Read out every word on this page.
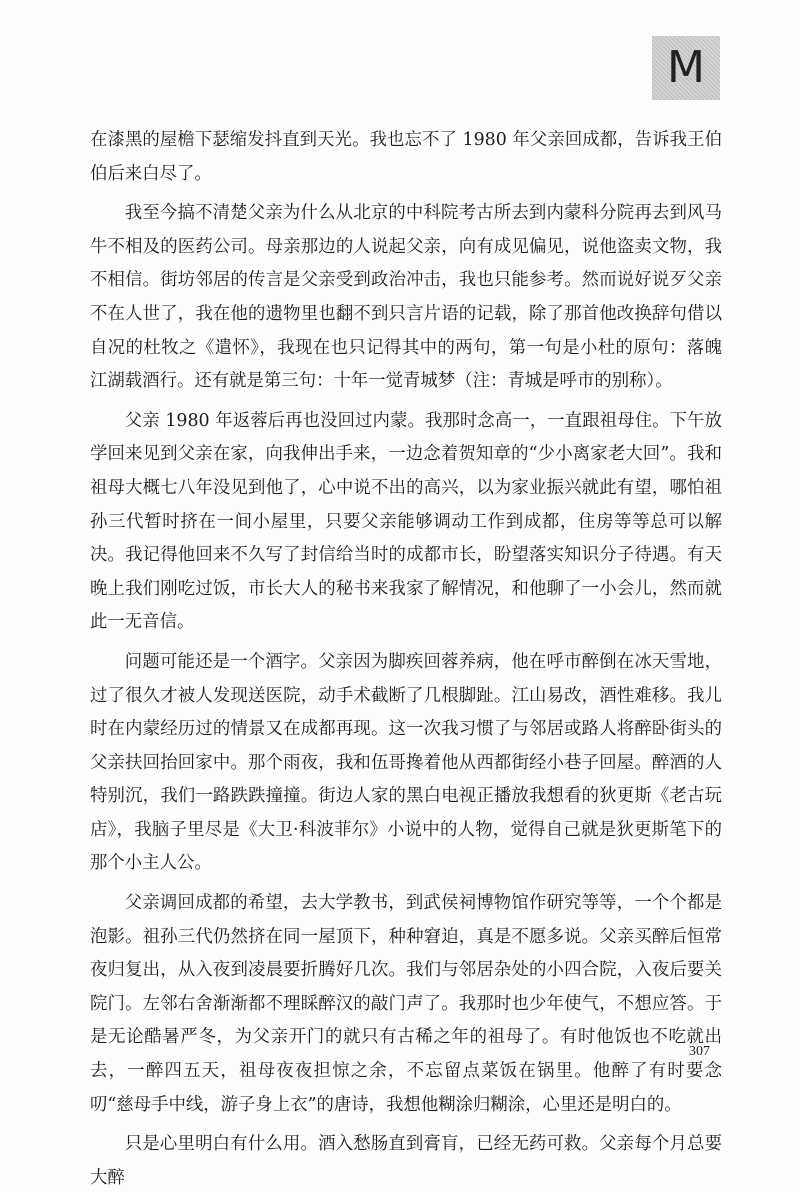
M

在漆黑的屋檐下瑟缩发抖直到天光。我也忘不了 1980 年父亲回成都，告诉我王伯伯后来白尽了。

我至今搞不清楚父亲为什么从北京的中科院考古所去到内蒙科分院再去到风马牛不相及的医药公司。母亲那边的人说起父亲，向有成见偏见，说他盗卖文物，我不相信。街坊邻居的传言是父亲受到政治冲击，我也只能参考。然而说好说歹父亲不在人世了，我在他的遗物里也翻不到只言片语的记载，除了那首他改换辞句借以自况的杜牧之《遣怀》，我现在也只记得其中的两句，第一句是小杜的原句：落魄江湖载酒行。还有就是第三句：十年一觉青城梦（注：青城是呼市的别称）。

父亲 1980 年返蓉后再也没回过内蒙。我那时念高一，一直跟祖母住。下午放学回来见到父亲在家，向我伸出手来，一边念着贺知章的“少小离家老大回”。我和祖母大概七八年没见到他了，心中说不出的高兴，以为家业振兴就此有望，哪怕祖孙三代暂时挤在一间小屋里，只要父亲能够调动工作到成都，住房等等总可以解决。我记得他回来不久写了封信给当时的成都市长，盼望落实知识分子待遇。有天晚上我们刚吃过饭，市长大人的秘书来我家了解情况，和他聊了一小会儿，然而就此一无音信。

问题可能还是一个酒字。父亲因为脚疾回蓉养病，他在呼市醉倒在冰天雪地，过了很久才被人发现送医院，动手术截断了几根脚趾。江山易改，酒性难移。我儿时在内蒙经历过的情景又在成都再现。这一次我习惯了与邻居或路人将醉卧街头的父亲扶回抬回家中。那个雨夜，我和伍哥搀着他从西都街经小巷子回屋。醉酒的人特别沉，我们一路跌跌撞撞。街边人家的黑白电视正播放我想看的狄更斯《老古玩店》，我脑子里尽是《大卫·科波菲尔》小说中的人物，觉得自己就是狄更斯笔下的那个小主人公。

父亲调回成都的希望，去大学教书，到武侯祠博物馆作研究等等，一个个都是泡影。祖孙三代仍然挤在同一屋顶下，种种窘迫，真是不愿多说。父亲买醉后恒常夜归复出，从入夜到凌晨要折腾好几次。我们与邻居杂处的小四合院，入夜后要关院门。左邻右舍渐渐都不理睬醉汉的敲门声了。我那时也少年使气，不想应答。于是无论酷暑严冬，为父亲开门的就只有古稀之年的祖母了。有时他饭也不吃就出去，一醉四五天，祖母夜夜担惊之余，不忘留点菜饭在锅里。他醉了有时要念叨“慈母手中线，游子身上衣”的唐诗，我想他糊涂归糊涂，心里还是明白的。

只是心里明白有什么用。酒入愁肠直到膏肓，已经无药可救。父亲每个月总要大醉

307
